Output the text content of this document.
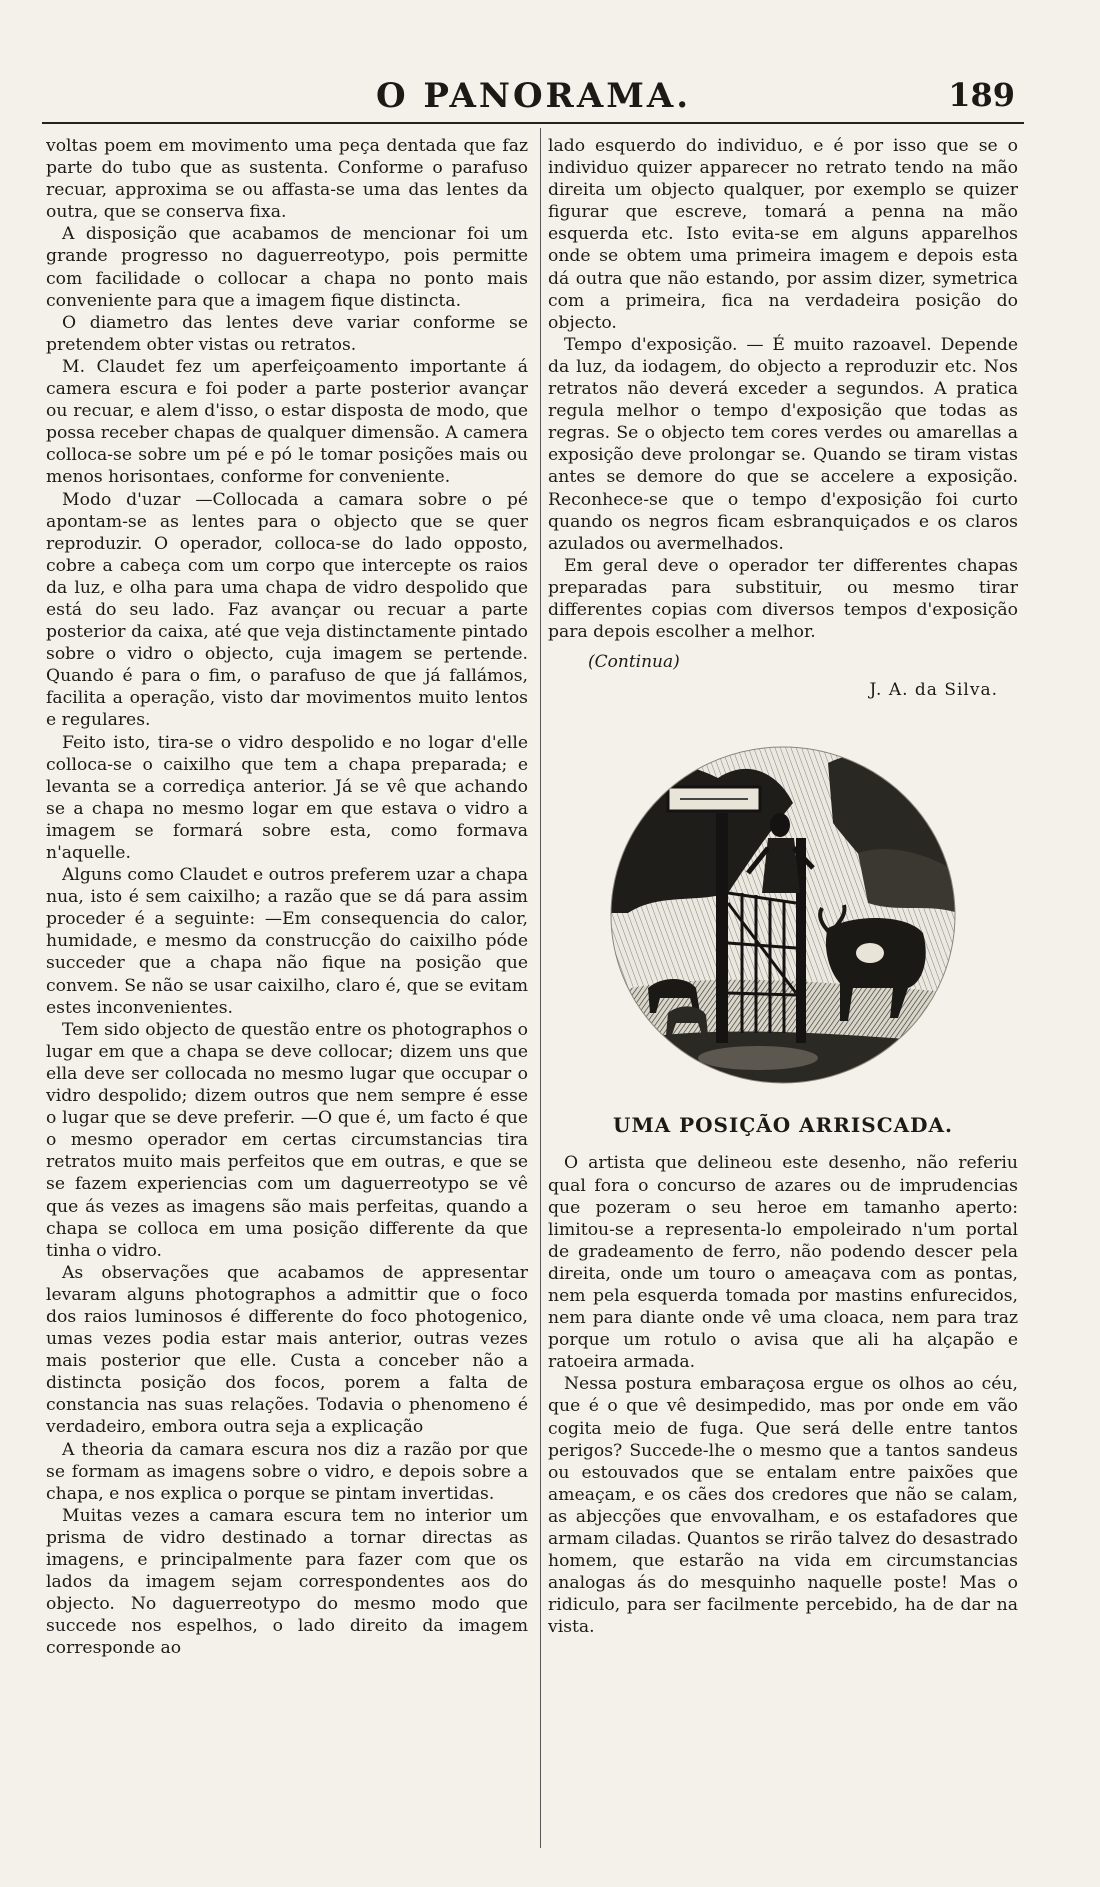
O PANORAMA.	189

voltas poem em movimento uma peça dentada que faz parte do tubo que as sustenta. Conforme o parafuso recuar, approxima se ou affasta-se uma das lentes da outra, que se conserva fixa.

A disposição que acabamos de mencionar foi um grande progresso no daguerreotypo, pois permitte com facilidade o collocar a chapa no ponto mais conveniente para que a imagem fique distincta.

O diametro das lentes deve variar conforme se pretendem obter vistas ou retratos.

M. Claudet fez um aperfeiçoamento importante á camera escura e foi poder a parte posterior avançar ou recuar, e alem d'isso, o estar disposta de modo, que possa receber chapas de qualquer dimensão. A camera colloca-se sobre um pé e pó le tomar posições mais ou menos horisontaes, conforme for conveniente.

Modo d'uzar —Collocada a camara sobre o pé apontam-se as lentes para o objecto que se quer reproduzir. O operador, colloca-se do lado opposto, cobre a cabeça com um corpo que intercepte os raios da luz, e olha para uma chapa de vidro despolido que está do seu lado. Faz avançar ou recuar a parte posterior da caixa, até que veja distinctamente pintado sobre o vidro o objecto, cuja imagem se pertende. Quando é para o fim, o parafuso de que já fallámos, facilita a operação, visto dar movimentos muito lentos e regulares.

Feito isto, tira-se o vidro despolido e no logar d'elle colloca-se o caixilho que tem a chapa preparada; e levanta se a corrediça anterior. Já se vê que achando se a chapa no mesmo logar em que estava o vidro a imagem se formará sobre esta, como formava n'aquelle.

Alguns como Claudet e outros preferem uzar a chapa nua, isto é sem caixilho; a razão que se dá para assim proceder é a seguinte: —Em consequencia do calor, humidade, e mesmo da construcção do caixilho póde succeder que a chapa não fique na posição que convem. Se não se usar caixilho, claro é, que se evitam estes inconvenientes.

Tem sido objecto de questão entre os photographos o lugar em que a chapa se deve collocar; dizem uns que ella deve ser collocada no mesmo lugar que occupar o vidro despolido; dizem outros que nem sempre é esse o lugar que se deve preferir. —O que é, um facto é que o mesmo operador em certas circumstancias tira retratos muito mais perfeitos que em outras, e que se se fazem experiencias com um daguerreotypo se vê que ás vezes as imagens são mais perfeitas, quando a chapa se colloca em uma posição differente da que tinha o vidro.

As observações que acabamos de appresentar levaram alguns photographos a admittir que o foco dos raios luminosos é differente do foco photogenico, umas vezes podia estar mais anterior, outras vezes mais posterior que elle. Custa a conceber não a distincta posição dos focos, porem a falta de constancia nas suas relações. Todavia o phenomeno é verdadeiro, embora outra seja a explicação

A theoria da camara escura nos diz a razão por que se formam as imagens sobre o vidro, e depois sobre a chapa, e nos explica o porque se pintam invertidas.

Muitas vezes a camara escura tem no interior um prisma de vidro destinado a tornar directas as imagens, e principalmente para fazer com que os lados da imagem sejam correspondentes aos do objecto. No daguerreotypo do mesmo modo que succede nos espelhos, o lado direito da imagem corresponde ao

lado esquerdo do individuo, e é por isso que se o individuo quizer apparecer no retrato tendo na mão direita um objecto qualquer, por exemplo se quizer figurar que escreve, tomará a penna na mão esquerda etc. Isto evita-se em alguns apparelhos onde se obtem uma primeira imagem e depois esta dá outra que não estando, por assim dizer, symetrica com a primeira, fica na verdadeira posição do objecto.

Tempo d'exposição. — É muito razoavel. Depende da luz, da iodagem, do objecto a reproduzir etc. Nos retratos não deverá exceder a segundos. A pratica regula melhor o tempo d'exposição que todas as regras. Se o objecto tem cores verdes ou amarellas a exposição deve prolongar se. Quando se tiram vistas antes se demore do que se accelere a exposição. Reconhece-se que o tempo d'exposição foi curto quando os negros ficam esbranquiçados e os claros azulados ou avermelhados.

Em geral deve o operador ter differentes chapas preparadas para substituir, ou mesmo tirar differentes copias com diversos tempos d'exposição para depois escolher a melhor.

(Continua)
J. A. da Silva.
UMA POSIÇÃO ARRISCADA.

O artista que delineou este desenho, não referiu qual fora o concurso de azares ou de imprudencias que pozeram o seu heroe em tamanho aperto: limitou-se a representa-lo empoleirado n'um portal de gradeamento de ferro, não podendo descer pela direita, onde um touro o ameaçava com as pontas, nem pela esquerda tomada por mastins enfurecidos, nem para diante onde vê uma cloaca, nem para traz porque um rotulo o avisa que ali ha alçapão e ratoeira armada.

Nessa postura embaraçosa ergue os olhos ao céu, que é o que vê desimpedido, mas por onde em vão cogita meio de fuga. Que será delle entre tantos perigos? Succede-lhe o mesmo que a tantos sandeus ou estouvados que se entalam entre paixões que ameaçam, e os cães dos credores que não se calam, as abjecções que envovalham, e os estafadores que armam ciladas. Quantos se rirão talvez do desastrado homem, que estarão na vida em circumstancias analogas ás do mesquinho naquelle poste! Mas o ridiculo, para ser facilmente percebido, ha de dar na vista.
